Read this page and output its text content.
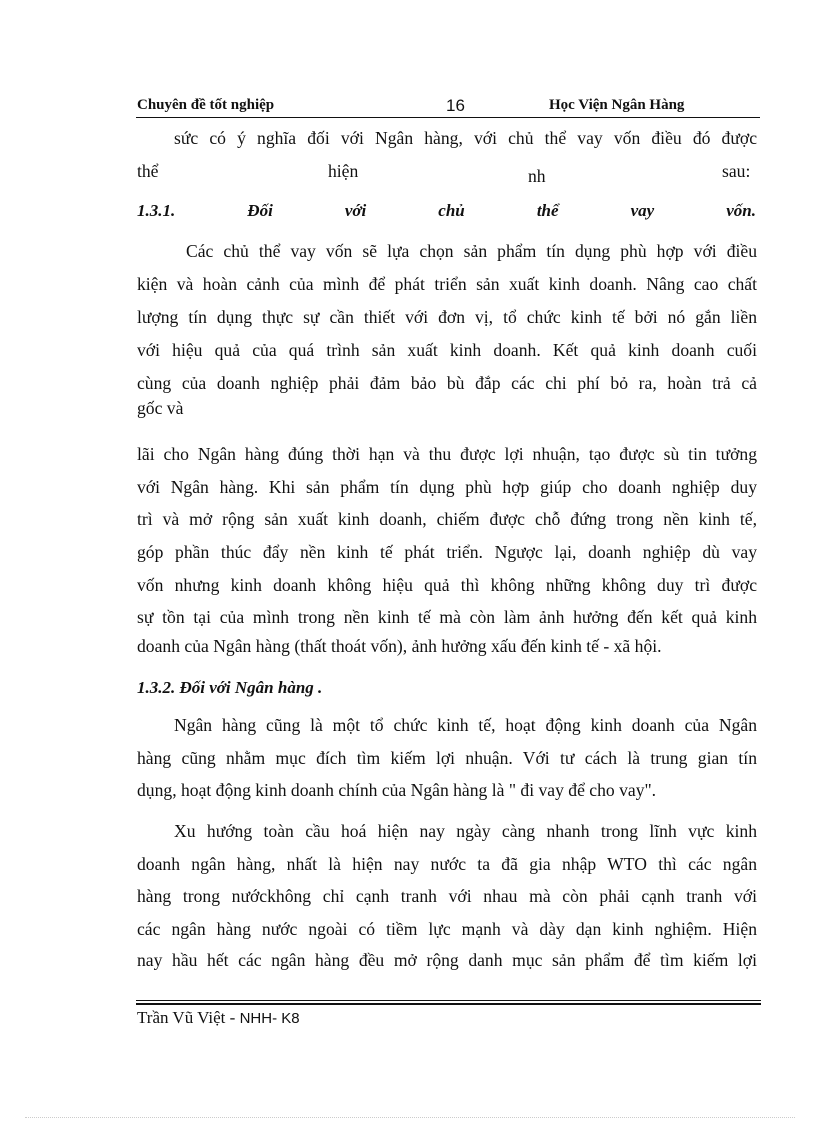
Chuyên đề tốt nghiệp	16	Học Viện Ngân Hàng
sức có ý nghĩa đối với Ngân hàng, với chủ thể vay vốn điều đó được
thể	hiện	nh	sau:
1.3.1.	Đối	với	chủ	thể	vay	vốn.
Các chủ thể vay vốn sẽ lựa chọn sản phẩm tín dụng phù hợp với điều
kiện và hoàn cảnh của mình để phát triển sản xuất kinh doanh. Nâng cao chất
lượng tín dụng thực sự cần thiết với đơn vị, tổ chức kinh tế bởi nó gắn liền
với hiệu quả của quá trình sản xuất kinh doanh. Kết quả kinh doanh cuối
cùng của doanh nghiệp phải đảm bảo bù đắp các chi phí bỏ ra, hoàn trả cả
gốc và
lãi cho Ngân hàng đúng thời hạn và thu được lợi nhuận, tạo được sù tin tưởng
với Ngân hàng. Khi sản phẩm tín dụng phù hợp giúp cho doanh nghiệp duy
trì và mở rộng sản xuất kinh doanh, chiếm được chỗ đứng trong nền kinh tế,
góp phần thúc đẩy nền kinh tế phát triển. Ngược lại, doanh nghiệp dù vay
vốn nhưng kinh doanh không hiệu quả thì không những không duy trì được
sự tồn tại của mình trong nền kinh tế mà còn làm ảnh hưởng đến kết quả kinh
doanh của Ngân hàng (thất thoát vốn), ảnh hưởng xấu đến kinh tế - xã hội.
1.3.2. Đối với Ngân hàng .
Ngân hàng cũng là một tổ chức kinh tế, hoạt động kinh doanh của Ngân
hàng cũng nhằm mục đích tìm kiếm lợi nhuận. Với tư cách là trung gian tín
dụng, hoạt động kinh doanh chính của Ngân hàng là " đi vay để cho vay".
Xu hướng toàn cầu hoá hiện nay ngày càng nhanh trong lĩnh vực kinh
doanh ngân hàng, nhất là hiện nay nước ta đã gia nhập WTO thì các ngân
hàng trong nướckhông chỉ cạnh tranh với nhau mà còn phải cạnh tranh với
các ngân hàng nước ngoài có tiềm lực mạnh và dày dạn kinh nghiệm. Hiện
nay hầu hết các ngân hàng đều mở rộng danh mục sản phẩm để tìm kiếm lợi
Trần Vũ Việt - NHH- K8
